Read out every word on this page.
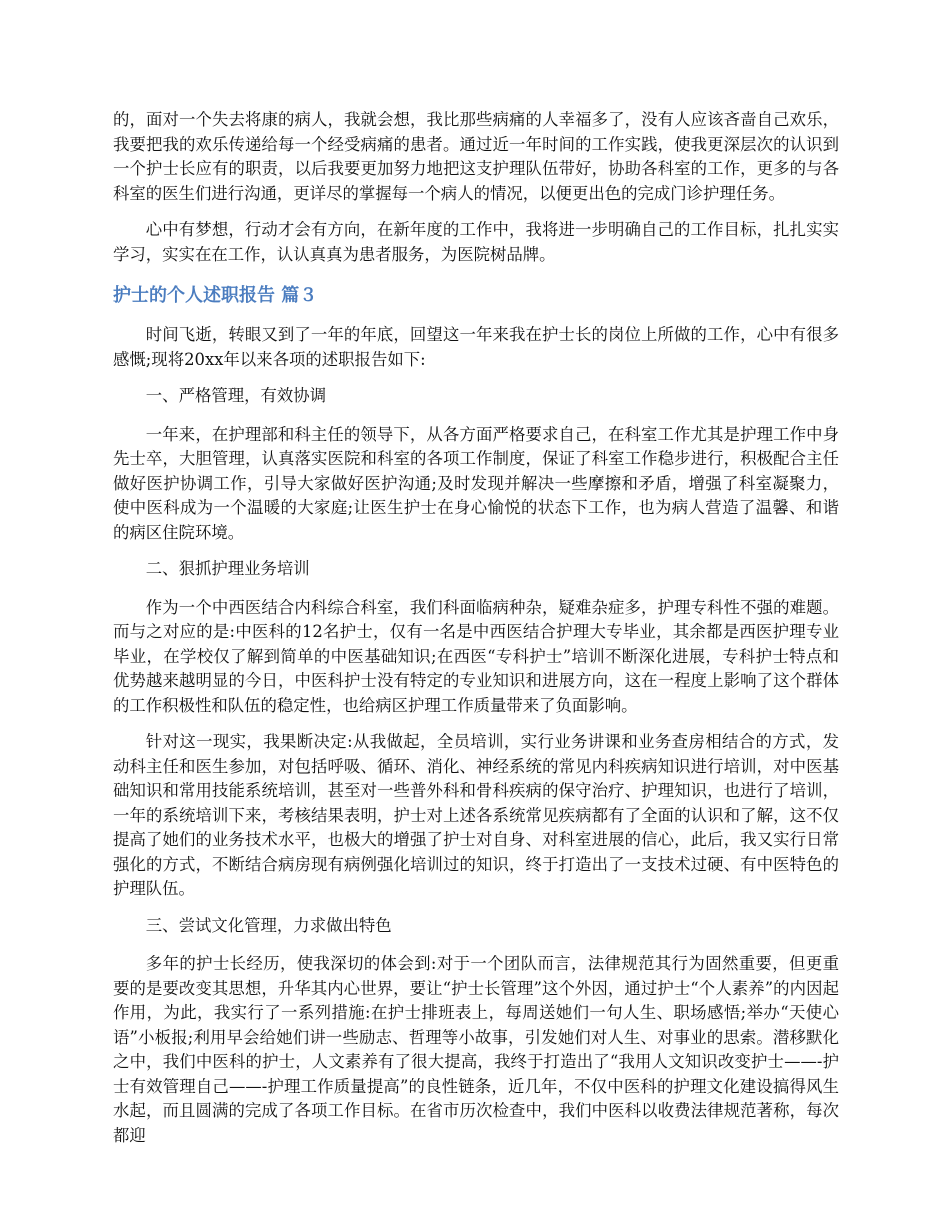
的，面对一个失去将康的病人，我就会想，我比那些病痛的人幸福多了，没有人应该吝啬自己欢乐，我要把我的欢乐传递给每一个经受病痛的患者。通过近一年时间的工作实践，使我更深层次的认识到一个护士长应有的职责，以后我要更加努力地把这支护理队伍带好，协助各科室的工作，更多的与各科室的医生们进行沟通，更详尽的掌握每一个病人的情况，以便更出色的完成门诊护理任务。

心中有梦想，行动才会有方向，在新年度的工作中，我将进一步明确自己的工作目标，扎扎实实学习，实实在在工作，认认真真为患者服务，为医院树品牌。

护士的个人述职报告 篇３

时间飞逝，转眼又到了一年的年底，回望这一年来我在护士长的岗位上所做的工作，心中有很多感慨;现将20xx年以来各项的述职报告如下:

一、严格管理，有效协调

一年来，在护理部和科主任的领导下，从各方面严格要求自己，在科室工作尤其是护理工作中身先士卒，大胆管理，认真落实医院和科室的各项工作制度，保证了科室工作稳步进行，积极配合主任做好医护协调工作，引导大家做好医护沟通;及时发现并解决一些摩擦和矛盾，增强了科室凝聚力，使中医科成为一个温暖的大家庭;让医生护士在身心愉悦的状态下工作，也为病人营造了温馨、和谐的病区住院环境。

二、狠抓护理业务培训

作为一个中西医结合内科综合科室，我们科面临病种杂，疑难杂症多，护理专科性不强的难题。而与之对应的是:中医科的12名护士，仅有一名是中西医结合护理大专毕业，其余都是西医护理专业毕业，在学校仅了解到简单的中医基础知识;在西医“专科护士”培训不断深化进展，专科护士特点和优势越来越明显的今日，中医科护士没有特定的专业知识和进展方向，这在一程度上影响了这个群体的工作积极性和队伍的稳定性，也给病区护理工作质量带来了负面影响。

针对这一现实，我果断决定:从我做起，全员培训，实行业务讲课和业务查房相结合的方式，发动科主任和医生参加，对包括呼吸、循环、消化、神经系统的常见内科疾病知识进行培训，对中医基础知识和常用技能系统培训，甚至对一些普外科和骨科疾病的保守治疗、护理知识，也进行了培训，一年的系统培训下来，考核结果表明，护士对上述各系统常见疾病都有了全面的认识和了解，这不仅提高了她们的业务技术水平，也极大的增强了护士对自身、对科室进展的信心，此后，我又实行日常强化的方式，不断结合病房现有病例强化培训过的知识，终于打造出了一支技术过硬、有中医特色的护理队伍。

三、尝试文化管理，力求做出特色

多年的护士长经历，使我深切的体会到:对于一个团队而言，法律规范其行为固然重要，但更重要的是要改变其思想，升华其内心世界，要让“护士长管理”这个外因，通过护士“个人素养”的内因起作用，为此，我实行了一系列措施:在护士排班表上，每周送她们一句人生、职场感悟;举办“天使心语”小板报;利用早会给她们讲一些励志、哲理等小故事，引发她们对人生、对事业的思索。潜移默化之中，我们中医科的护士，人文素养有了很大提高，我终于打造出了“我用人文知识改变护士——-护士有效管理自己——-护理工作质量提高”的良性链条，近几年，不仅中医科的护理文化建设搞得风生水起，而且圆满的完成了各项工作目标。在省市历次检查中，我们中医科以收费法律规范著称，每次都迎
